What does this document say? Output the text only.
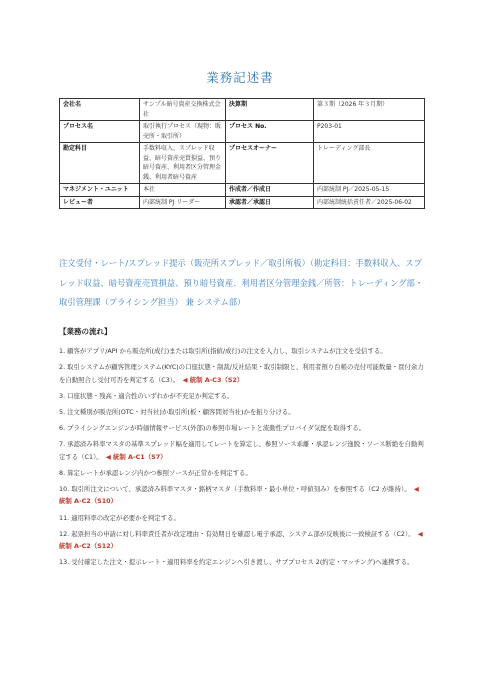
業務記述書
会社名	サンプル暗号資産交換株式会社	決算期	第３期（2026 年３月期）
プロセス名	取引執行プロセス（現物：販売所・取引所）	プロセス No.	P203-01
勘定科目	手数料収入、スプレッド収益、暗号資産売買損益、預り暗号資産、利用者区分管理金銭、利用者暗号資産	プロセスオーナー	トレーディング部長
マネジメント・ユニット	本社	作成者／作成日	内部統制 PJ／2025-05-15
レビュー者	内部統制 PJ リーダー	承認者／承認日	内部統制統括責任者／2025-06-02
注文受付・レート/スプレッド提示（販売所スプレッド／取引所板）（勘定科目：手数料収入、スプレッド収益、暗号資産売買損益、預り暗号資産、利用者区分管理金銭／所管：トレーディング部・取引管理課（プライシング担当） 兼 システム部）
【業務の流れ】
1. 顧客がアプリ/API から販売所(成行)または取引所(指値/成行)の注文を入力し、取引システムが注文を受信する。
2. 取引システムが顧客管理システム(KYC)の口座状態・制裁/反社結果・取引制限と、利用者預り台帳の売付可能数量・買付余力を自動照合し受付可否を判定する（C3）。　 ◀ 統制 A-C3（S2）
3. 口座状態・残高・適合性のいずれかが不充足か判定する。
5. 注文種別が販売所(OTC・対当社)か取引所(板・顧客間対当社)かを振り分ける。
6. プライシングエンジンが時価情報サービス(外部)の参照市場レートと流動性プロバイダ気配を取得する。
7. 承認済み料率マスタの基準スプレッド幅を適用してレートを算定し、参照ソース乖離・承認レンジ逸脱・ソース断絶を自動判定する（C1）。　 ◀ 統制 A-C1（S7）
8. 算定レートが承認レンジ内かつ参照ソースが正常かを判定する。
10. 取引所注文について、承認済み料率マスタ・銘柄マスタ（手数料率・最小単位・呼値刻み）を参照する（C2 が維持）。　 ◀ 統制 A-C2（S10）
11. 適用料率の改定が必要かを判定する。
12. 起票担当の申請に対し料率責任者が改定理由・有効期日を確認し電子承認、システム部が反映後に一致検証する（C2）。　 ◀ 統制 A-C2（S12）
13. 受付確定した注文・提示レート・適用料率を約定エンジンへ引き渡し、サブプロセス 2(約定・マッチング)へ連携する。
